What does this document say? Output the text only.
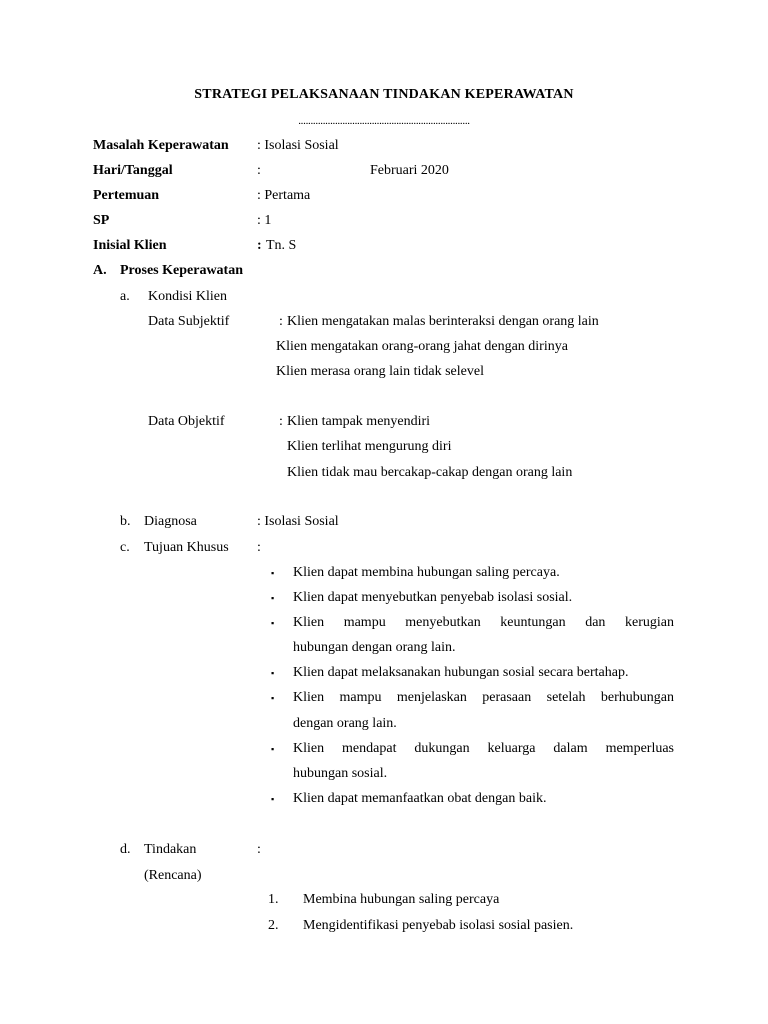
STRATEGI PELAKSANAAN TINDAKAN KEPERAWATAN
......................................................................
Masalah Keperawatan : Isolasi Sosial
Hari/Tanggal	:	Februari 2020
Pertemuan	: Pertama
SP	: 1
Inisial Klien	: Tn. S
A. Proses Keperawatan
a. Kondisi Klien
Data Subjektif	: Klien mengatakan malas berinteraksi dengan orang lain
Klien mengatakan orang-orang jahat dengan dirinya
Klien merasa orang lain tidak selevel
Data Objektif	: Klien tampak menyendiri
Klien terlihat mengurung diri
Klien tidak mau bercakap-cakap dengan orang lain
b. Diagnosa	: Isolasi Sosial
c. Tujuan Khusus :
▪ Klien dapat membina hubungan saling percaya.
▪ Klien dapat menyebutkan penyebab isolasi sosial.
▪ Klien mampu menyebutkan keuntungan dan kerugian
hubungan dengan orang lain.
▪ Klien dapat melaksanakan hubungan sosial secara bertahap.
▪ Klien mampu menjelaskan perasaan setelah berhubungan
dengan orang lain.
▪ Klien mendapat dukungan keluarga dalam memperluas
hubungan sosial.
▪ Klien dapat memanfaatkan obat dengan baik.
d. Tindakan	:
(Rencana)
1. Membina hubungan saling percaya
2. Mengidentifikasi penyebab isolasi sosial pasien.
